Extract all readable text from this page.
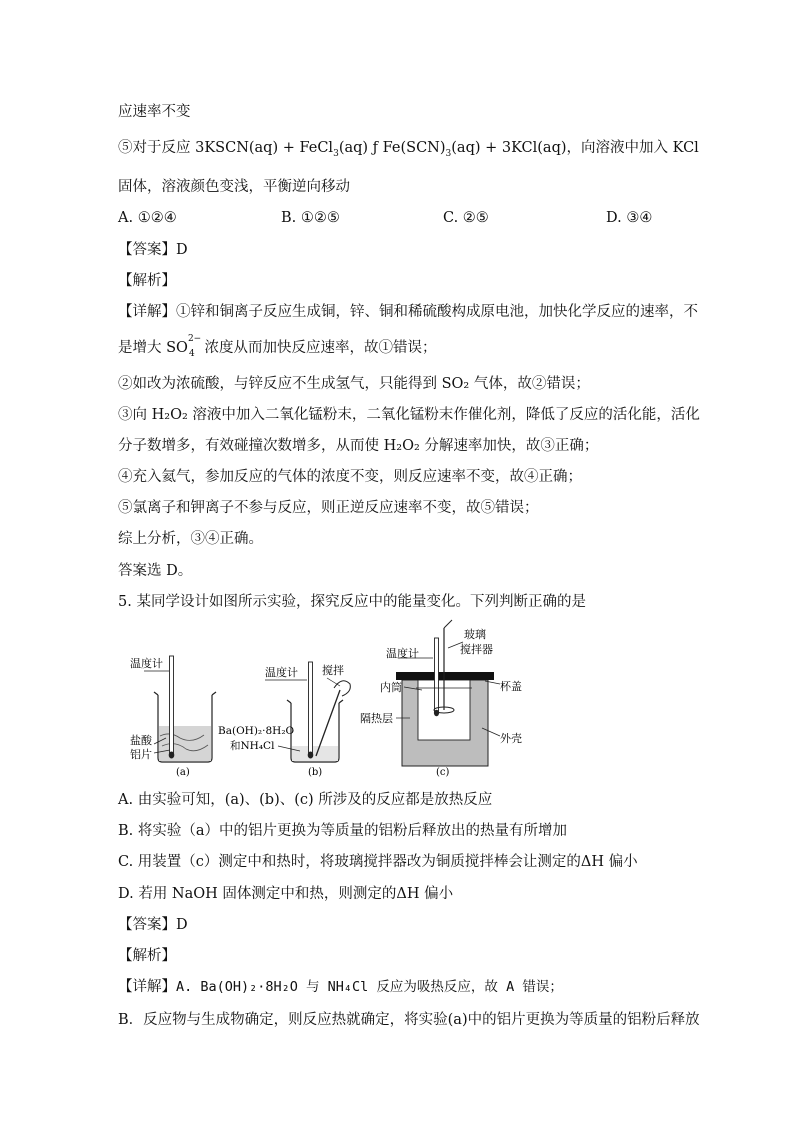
应速率不变
⑤对于反应 3KSCN(aq) + FeCl$_3$(aq) ƒ $Fe(SCN)_3(aq) + 3KCl(aq)$，向溶液中加入 KCl
固体，溶液颜色变浅，平衡逆向移动
A. ①②④	B. ①②⑤	C. ②⑤	D. ③④
【答案】D
【解析】
【详解】①锌和铜离子反应生成铜，锌、铜和稀硫酸构成原电池，加快化学反应的速率，不
是增大 SO
2−
4 浓度从而加快反应速率，故①错误；
②如改为浓硫酸，与锌反应不生成氢气，只能得到 SO₂ 气体，故②错误；
③向 H₂O₂ 溶液中加入二氧化锰粉末，二氧化锰粉末作催化剂，降低了反应的活化能，活化
分子数增多，有效碰撞次数增多，从而使 H₂O₂ 分解速率加快，故③正确；
④充入氦气，参加反应的气体的浓度不变，则反应速率不变，故④正确；
⑤氯离子和钾离子不参与反应，则正逆反应速率不变，故⑤错误；
综上分析，③④正确。
答案选 D。
5. 某同学设计如图所示实验，探究反应中的能量变化。下列判断正确的是
温度计
盐酸
铝片
(a)
温度计 搅拌
Ba(OH)₂·8H₂O
和NH₄Cl
(b)
温度计
玻璃
搅拌器
内筒	杯盖
隔热层
外壳
(c)
A. 由实验可知，(a)、(b)、(c) 所涉及的反应都是放热反应
B. 将实验（a）中的铝片更换为等质量的铝粉后释放出的热量有所增加
C. 用装置（c）测定中和热时，将玻璃搅拌器改为铜质搅拌棒会让测定的ΔH 偏小
D. 若用 NaOH 固体测定中和热，则测定的ΔH 偏小
【答案】D
【解析】
【详解】A. Ba(OH)₂·8H₂O 与 NH₄Cl 反应为吸热反应，故 A 错误；
B．反应物与生成物确定，则反应热就确定，将实验(a)中的铝片更换为等质量的铝粉后释放
